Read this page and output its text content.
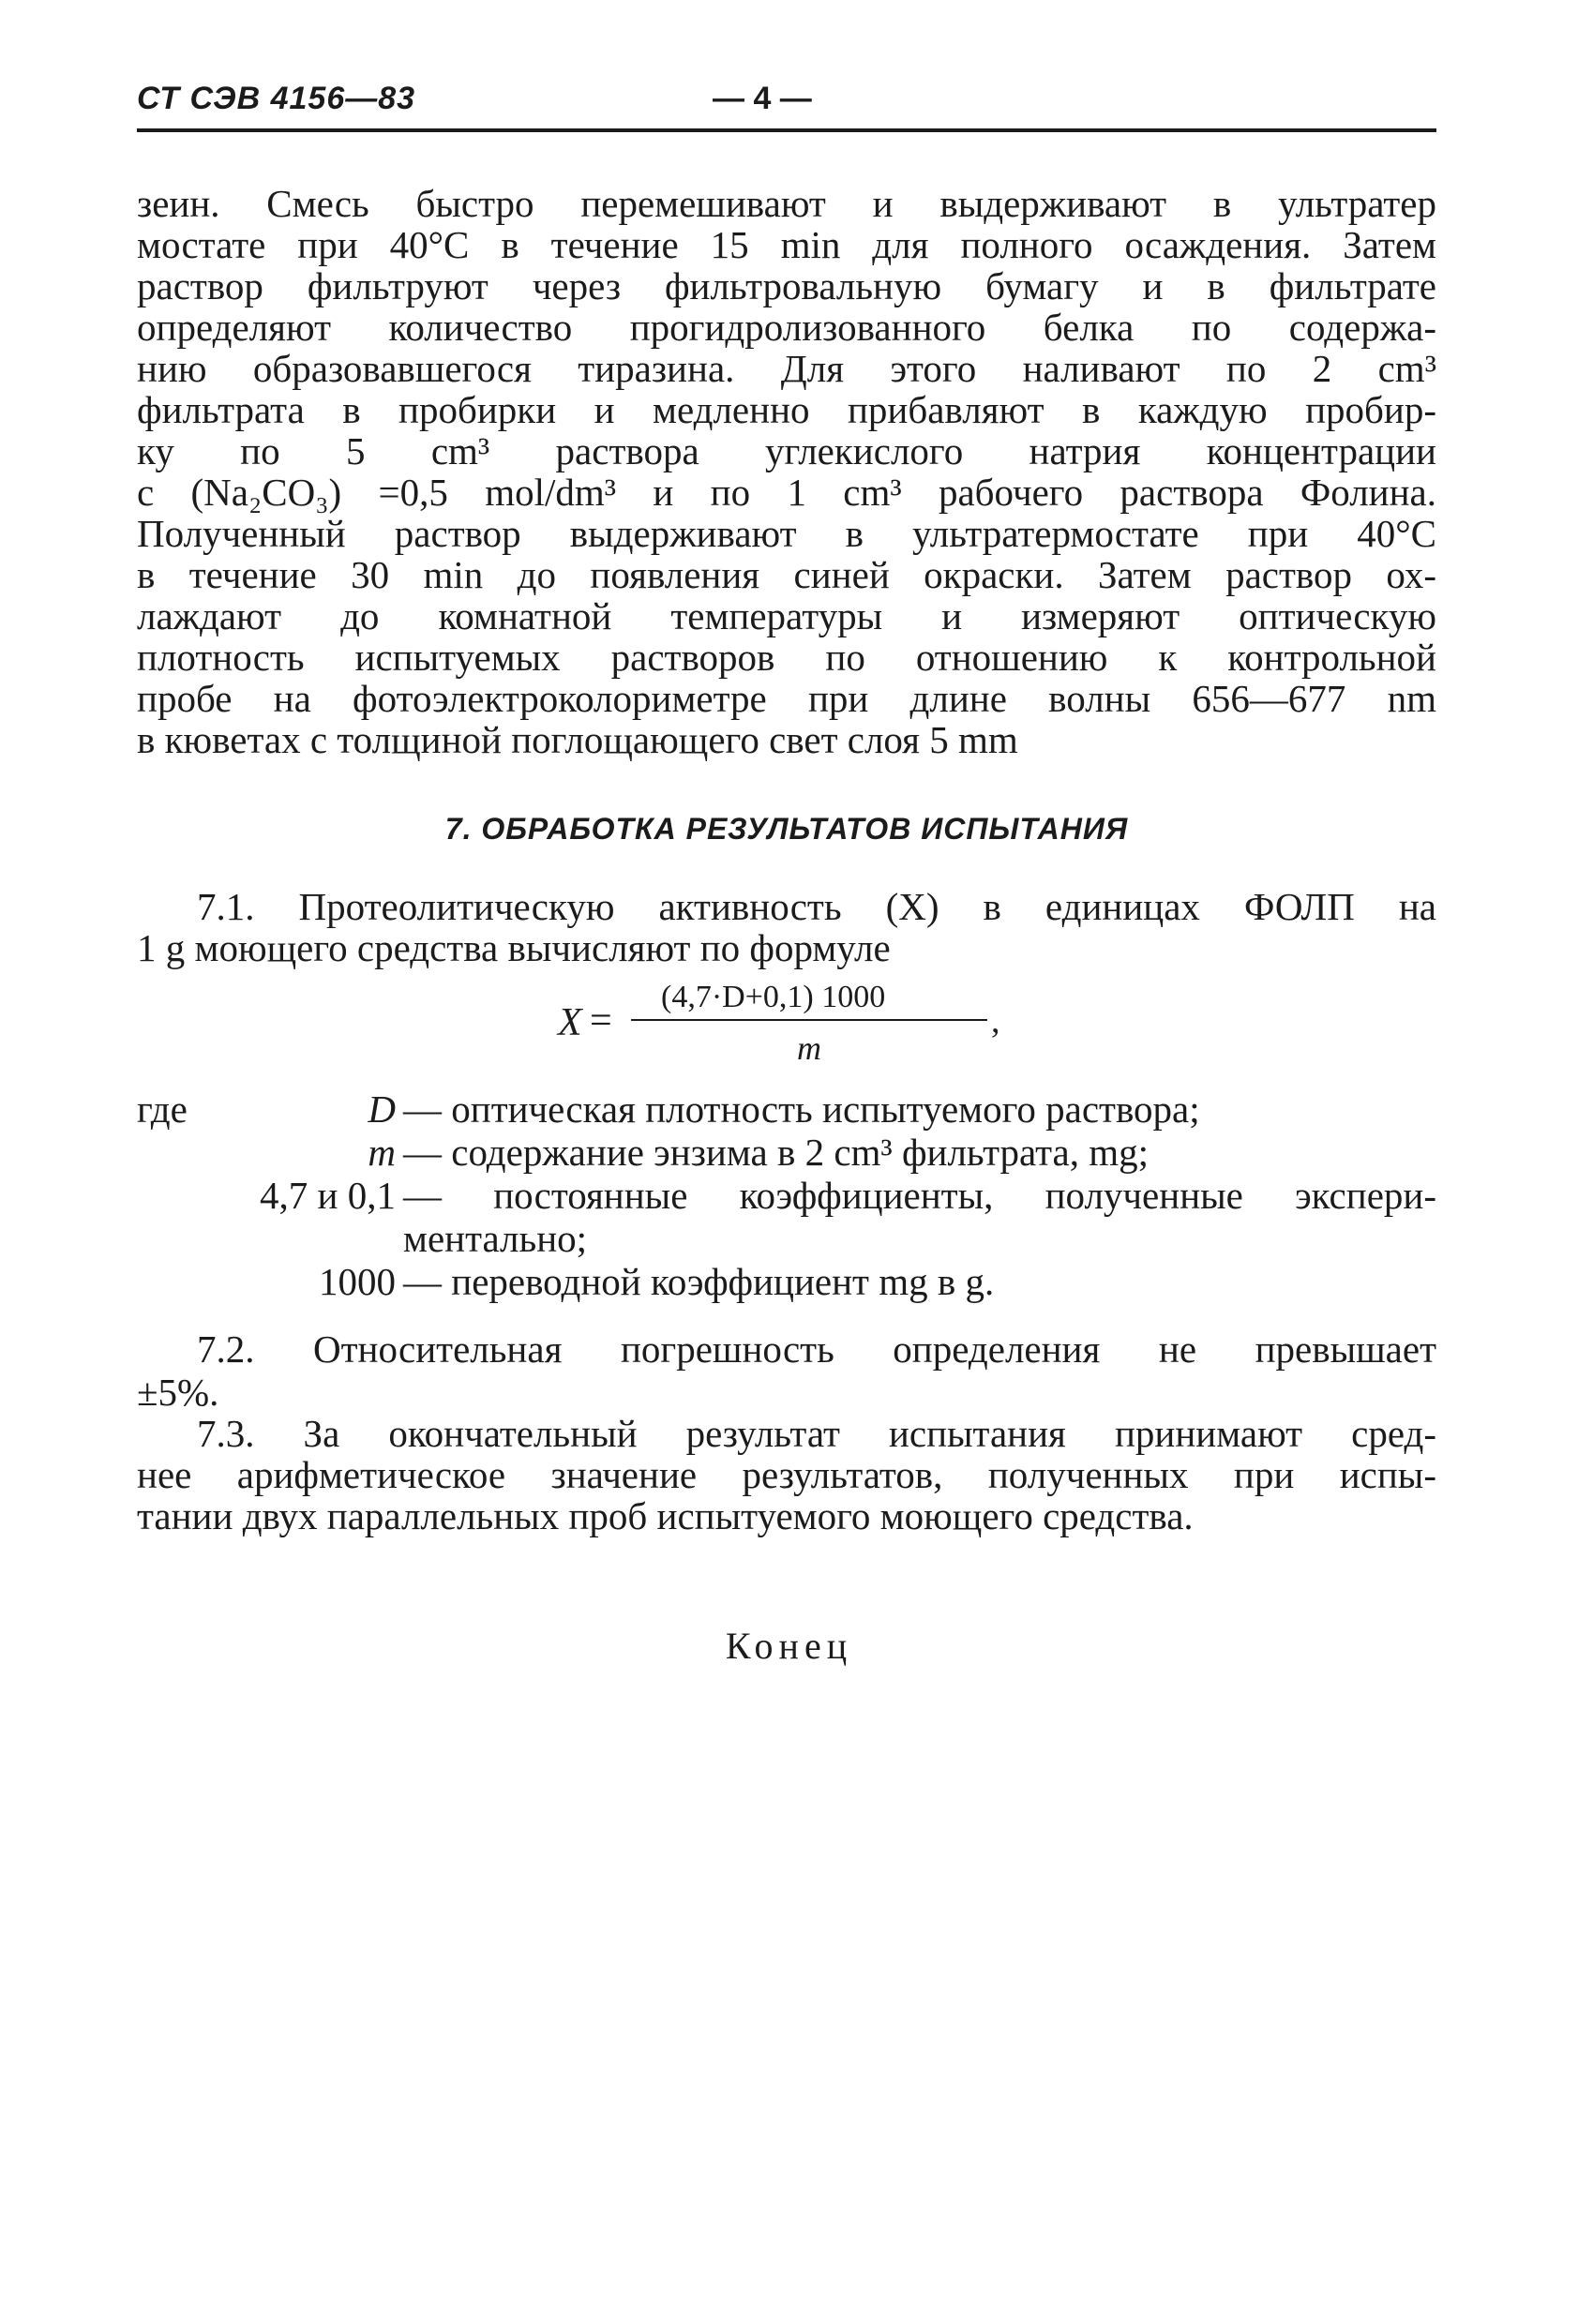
СТ СЭВ 4156—83	— 4 —
зеин. Смесь быстро перемешивают и выдерживают в ультратер
мостате при 40°С в течение 15 min для полного осаждения. Затем
раствор фильтруют через фильтровальную бумагу и в фильтрате
определяют количество прогидролизованного белка по содержа-
нию образовавшегося тиразина. Для этого наливают по 2 cm³
фильтрата в пробирки и медленно прибавляют в каждую пробир-
ку по 5 cm³ раствора углекислого натрия концентрации
c (Na₂CO₃) =0,5 mol/dm³ и по 1 cm³ рабочего раствора Фолина.
Полученный раствор выдерживают в ультратермостате при 40°С
в течение 30 min до появления синей окраски. Затем раствор ох-
лаждают до комнатной температуры и измеряют оптическую
плотность испытуемых растворов по отношению к контрольной
пробе на фотоэлектроколориметре при длине волны 656—677 nm
в кюветах с толщиной поглощающего свет слоя 5 mm
7. ОБРАБОТКА РЕЗУЛЬТАТОВ ИСПЫТАНИЯ
7.1. Протеолитическую активность (X) в единицах ФОЛП на
1 g моющего средства вычисляют по формуле
X =
(4,7·D+0,1) 1000
m
,
где	D — оптическая плотность испытуемого раствора;
m — содержание энзима в 2 cm³ фильтрата, mg;
4,7 и 0,1 — постоянные коэффициенты, полученные экспери-
ментально;
1000 — переводной коэффициент mg в g.
7.2. Относительная погрешность определения не превышает
±5%.
7.3. За окончательный результат испытания принимают сред-
нее арифметическое значение результатов, полученных при испы-
тании двух параллельных проб испытуемого моющего средства.
Конец
